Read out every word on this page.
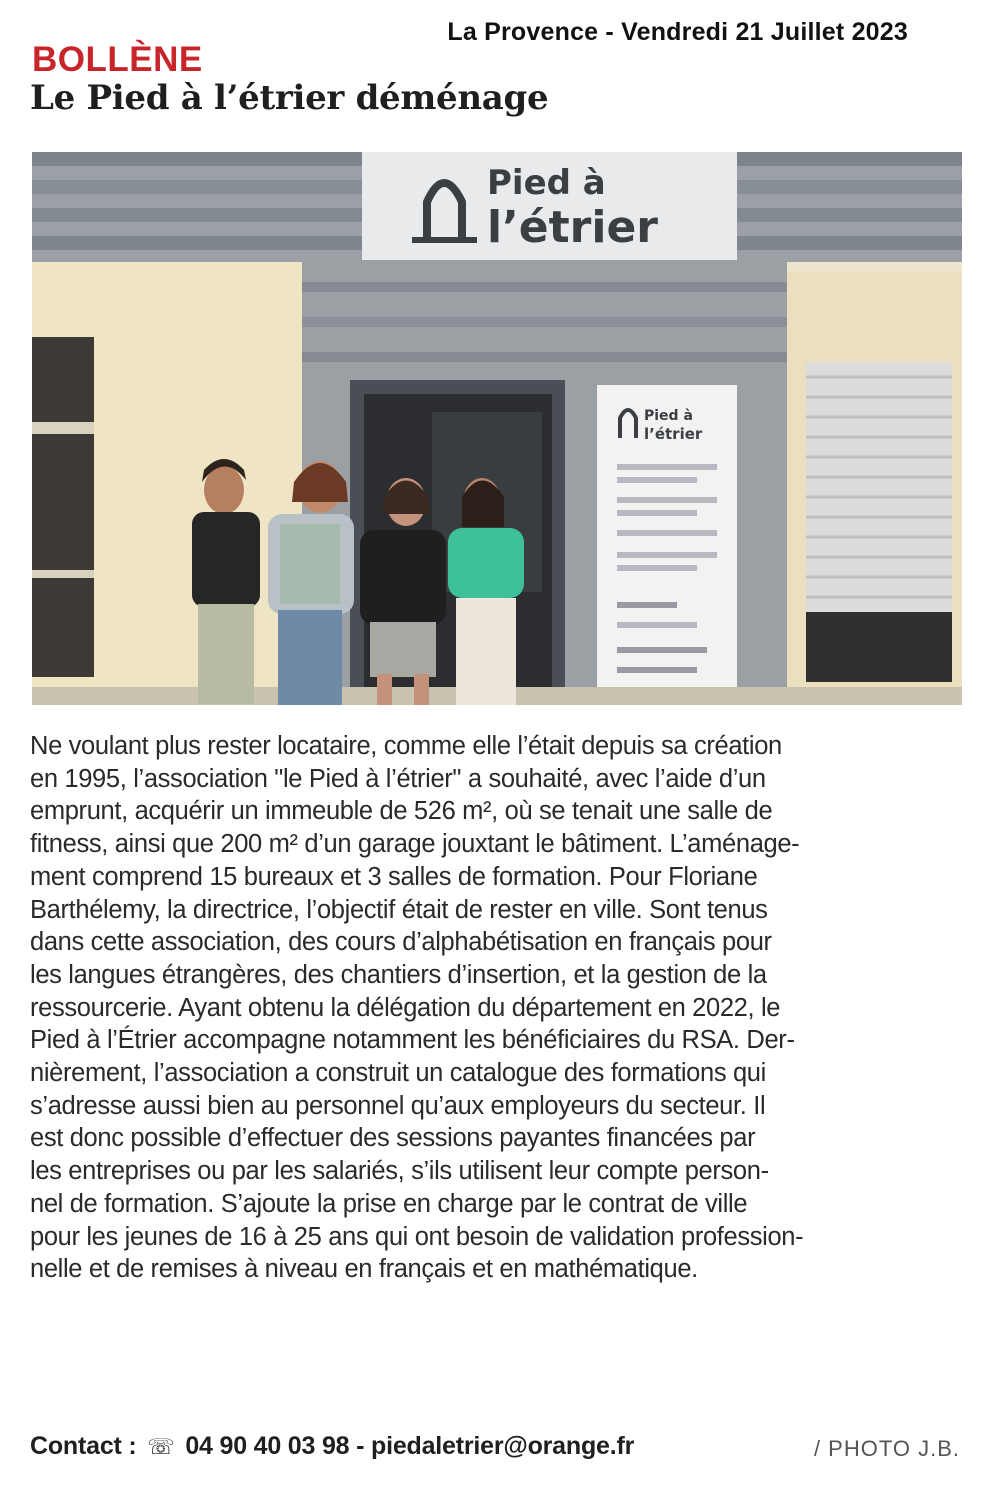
La Provence - Vendredi 21 Juillet 2023
BOLLÈNE
Le Pied à l’étrier déménage
Pied à
l’étrier
Pied à
l’étrier

Ne voulant plus rester locataire, comme elle l’était depuis sa création
en 1995, l’association "le Pied à l’étrier" a souhaité, avec l’aide d’un
emprunt, acquérir un immeuble de 526 m², où se tenait une salle de
fitness, ainsi que 200 m² d’un garage jouxtant le bâtiment. L’aménage-
ment comprend 15 bureaux et 3 salles de formation. Pour Floriane
Barthélemy, la directrice, l’objectif était de rester en ville. Sont tenus
dans cette association, des cours d’alphabétisation en français pour
les langues étrangères, des chantiers d’insertion, et la gestion de la
ressourcerie. Ayant obtenu la délégation du département en 2022, le
Pied à l’Étrier accompagne notamment les bénéficiaires du RSA. Der-
nièrement, l’association a construit un catalogue des formations qui
s’adresse aussi bien au personnel qu’aux employeurs du secteur. Il
est donc possible d’effectuer des sessions payantes financées par
les entreprises ou par les salariés, s’ils utilisent leur compte person-
nel de formation. S’ajoute la prise en charge par le contrat de ville
pour les jeunes de 16 à 25 ans qui ont besoin de validation profession-
nelle et de remises à niveau en français et en mathématique.

Contact : ☏ 04 90 40 03 98 - piedaletrier@orange.fr	/ PHOTO J.B.
